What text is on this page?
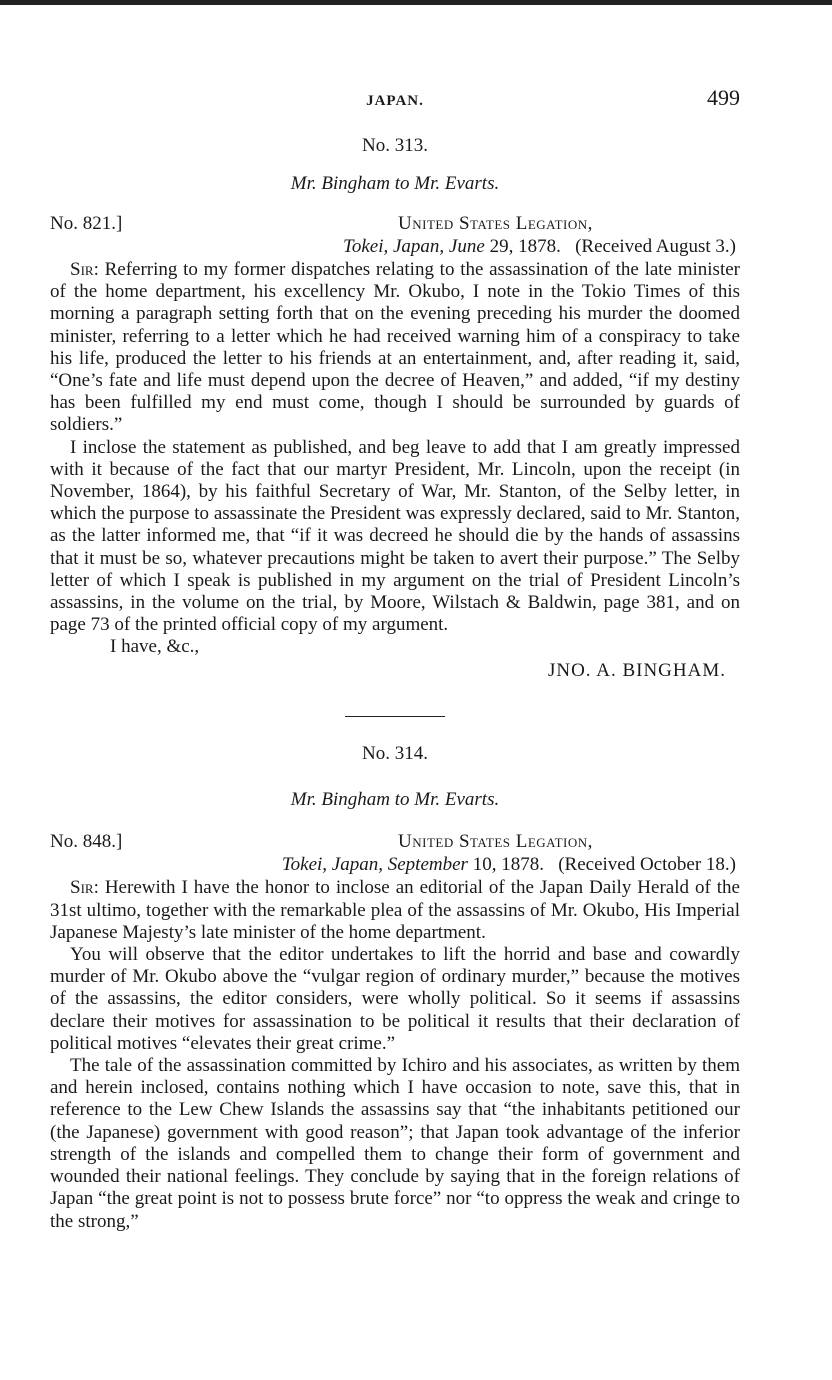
JAPAN.	499
No. 313.
Mr. Bingham to Mr. Evarts.
No. 821.]	United States Legation,
Tokei, Japan, June 29, 1878. (Received August 3.)

Sir: Referring to my former dispatches relating to the assassination of the late minister of the home department, his excellency Mr. Okubo, I note in the Tokio Times of this morning a paragraph setting forth that on the evening preceding his murder the doomed minister, referring to a letter which he had received warning him of a conspiracy to take his life, produced the letter to his friends at an entertainment, and, after reading it, said, “One’s fate and life must depend upon the decree of Heaven,” and added, “if my destiny has been fulfilled my end must come, though I should be surrounded by guards of soldiers.”

I inclose the statement as published, and beg leave to add that I am greatly impressed with it because of the fact that our martyr President, Mr. Lincoln, upon the receipt (in November, 1864), by his faithful Secretary of War, Mr. Stanton, of the Selby letter, in which the purpose to assassinate the President was expressly declared, said to Mr. Stanton, as the latter informed me, that “if it was decreed he should die by the hands of assassins that it must be so, whatever precautions might be taken to avert their purpose.” The Selby letter of which I speak is published in my argument on the trial of President Lincoln’s assassins, in the volume on the trial, by Moore, Wilstach & Baldwin, page 381, and on page 73 of the printed official copy of my argument.

I have, &c.,
JNO. A. BINGHAM.
No. 314.
Mr. Bingham to Mr. Evarts.
No. 848.]	United States Legation,
Tokei, Japan, September 10, 1878. (Received October 18.)

Sir: Herewith I have the honor to inclose an editorial of the Japan Daily Herald of the 31st ultimo, together with the remarkable plea of the assassins of Mr. Okubo, His Imperial Japanese Majesty’s late minister of the home department.

You will observe that the editor undertakes to lift the horrid and base and cowardly murder of Mr. Okubo above the “vulgar region of ordinary murder,” because the motives of the assassins, the editor considers, were wholly political. So it seems if assassins declare their motives for assassination to be political it results that their declaration of political motives “elevates their great crime.”

The tale of the assassination committed by Ichiro and his associates, as written by them and herein inclosed, contains nothing which I have occasion to note, save this, that in reference to the Lew Chew Islands the assassins say that “the inhabitants petitioned our (the Japanese) government with good reason”; that Japan took advantage of the inferior strength of the islands and compelled them to change their form of government and wounded their national feelings. They conclude by saying that in the foreign relations of Japan “the great point is not to possess brute force” nor “to oppress the weak and cringe to the strong,”
